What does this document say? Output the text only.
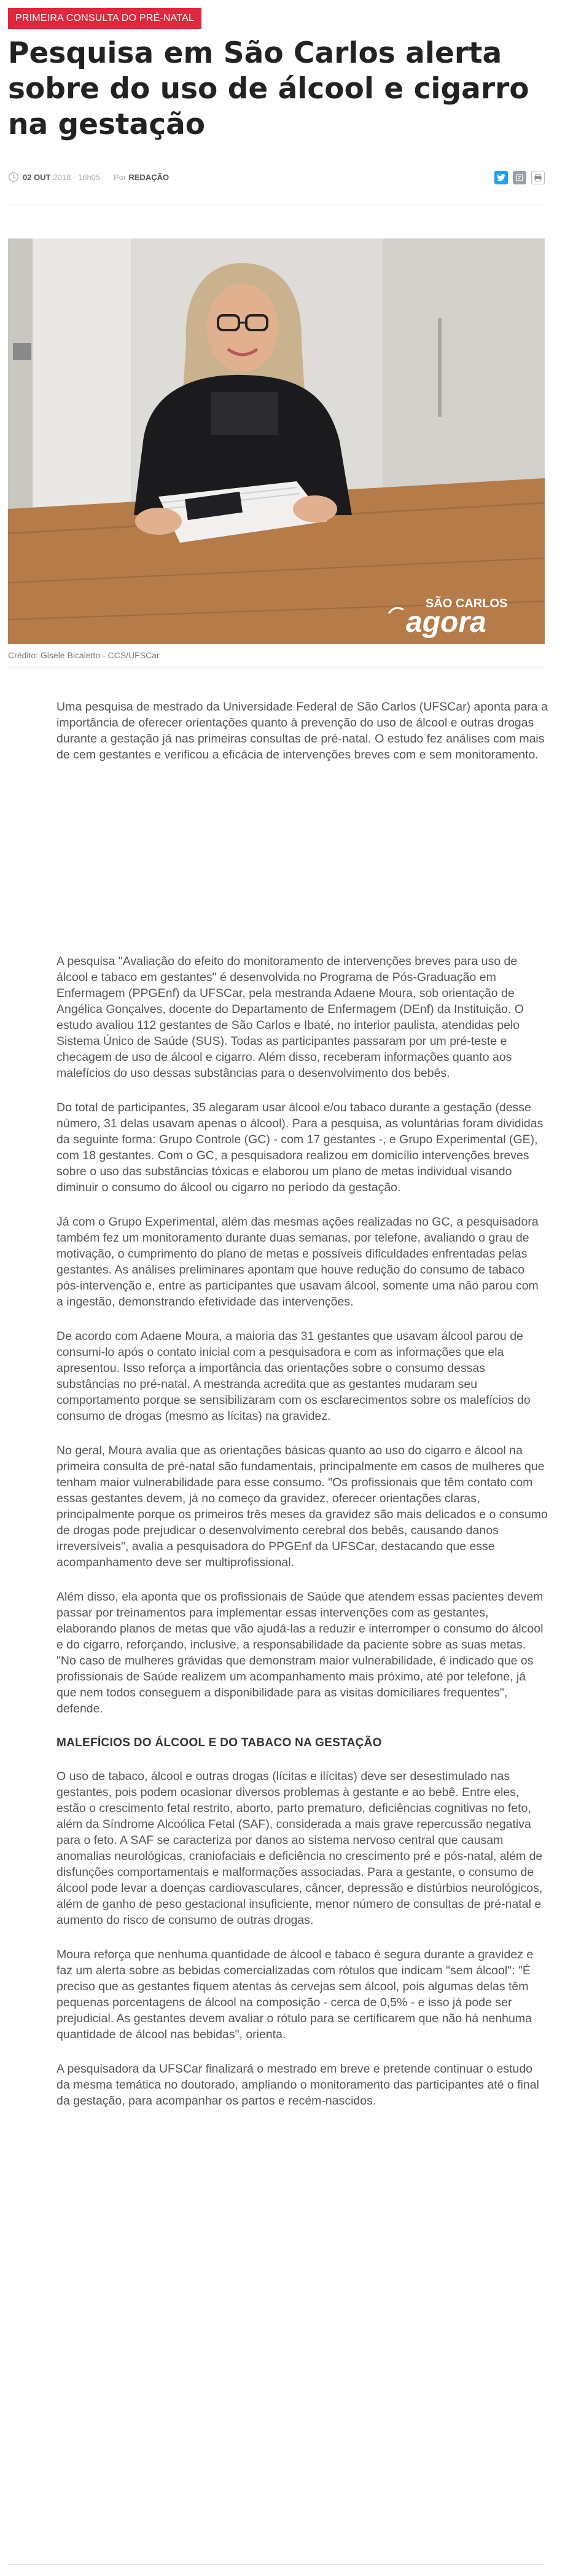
PRIMEIRA CONSULTA DO PRÉ-NATAL
Pesquisa em São Carlos alerta sobre do uso de álcool e cigarro na gestação
02 OUT 2018 - 16h05 Por REDAÇÃO
SÃO CARLOS
agora
Crédito: Gisele Bicaletto - CCS/UFSCar

Uma pesquisa de mestrado da Universidade Federal de São Carlos (UFSCar) aponta para a importância de oferecer orientações quanto à prevenção do uso de álcool e outras drogas durante a gestação já nas primeiras consultas de pré-natal. O estudo fez análises com mais de cem gestantes e verificou a eficácia de intervenções breves com e sem monitoramento.

A pesquisa "Avaliação do efeito do monitoramento de intervenções breves para uso de álcool e tabaco em gestantes" é desenvolvida no Programa de Pós-Graduação em Enfermagem (PPGEnf) da UFSCar, pela mestranda Adaene Moura, sob orientação de Angélica Gonçalves, docente do Departamento de Enfermagem (DEnf) da Instituição. O estudo avaliou 112 gestantes de São Carlos e Ibaté, no interior paulista, atendidas pelo Sistema Único de Saúde (SUS). Todas as participantes passaram por um pré-teste e checagem de uso de álcool e cigarro. Além disso, receberam informações quanto aos malefícios do uso dessas substâncias para o desenvolvimento dos bebês.

Do total de participantes, 35 alegaram usar álcool e/ou tabaco durante a gestação (desse número, 31 delas usavam apenas o álcool). Para a pesquisa, as voluntárias foram divididas da seguinte forma: Grupo Controle (GC) - com 17 gestantes -, e Grupo Experimental (GE), com 18 gestantes. Com o GC, a pesquisadora realizou em domicílio intervenções breves sobre o uso das substâncias tóxicas e elaborou um plano de metas individual visando diminuir o consumo do álcool ou cigarro no período da gestação.

Já com o Grupo Experimental, além das mesmas ações realizadas no GC, a pesquisadora também fez um monitoramento durante duas semanas, por telefone, avaliando o grau de motivação, o cumprimento do plano de metas e possíveis dificuldades enfrentadas pelas gestantes. As análises preliminares apontam que houve redução do consumo de tabaco pós-intervenção e, entre as participantes que usavam álcool, somente uma não parou com a ingestão, demonstrando efetividade das intervenções.

De acordo com Adaene Moura, a maioria das 31 gestantes que usavam álcool parou de consumi-lo após o contato inicial com a pesquisadora e com as informações que ela apresentou. Isso reforça a importância das orientações sobre o consumo dessas substâncias no pré-natal. A mestranda acredita que as gestantes mudaram seu comportamento porque se sensibilizaram com os esclarecimentos sobre os malefícios do consumo de drogas (mesmo as lícitas) na gravidez.

No geral, Moura avalia que as orientações básicas quanto ao uso do cigarro e álcool na primeira consulta de pré-natal são fundamentais, principalmente em casos de mulheres que tenham maior vulnerabilidade para esse consumo. "Os profissionais que têm contato com essas gestantes devem, já no começo da gravidez, oferecer orientações claras, principalmente porque os primeiros três meses da gravidez são mais delicados e o consumo de drogas pode prejudicar o desenvolvimento cerebral dos bebês, causando danos irreversíveis", avalia a pesquisadora do PPGEnf da UFSCar, destacando que esse acompanhamento deve ser multiprofissional.

Além disso, ela aponta que os profissionais de Saúde que atendem essas pacientes devem passar por treinamentos para implementar essas intervenções com as gestantes, elaborando planos de metas que vão ajudá-las a reduzir e interromper o consumo do álcool e do cigarro, reforçando, inclusive, a responsabilidade da paciente sobre as suas metas. "No caso de mulheres grávidas que demonstram maior vulnerabilidade, é indicado que os profissionais de Saúde realizem um acompanhamento mais próximo, até por telefone, já que nem todos conseguem a disponibilidade para as visitas domiciliares frequentes", defende.

MALEFÍCIOS DO ÁLCOOL E DO TABACO NA GESTAÇÃO

O uso de tabaco, álcool e outras drogas (lícitas e ilícitas) deve ser desestimulado nas gestantes, pois podem ocasionar diversos problemas à gestante e ao bebê. Entre eles, estão o crescimento fetal restrito, aborto, parto prematuro, deficiências cognitivas no feto, além da Síndrome Alcoólica Fetal (SAF), considerada a mais grave repercussão negativa para o feto. A SAF se caracteriza por danos ao sistema nervoso central que causam anomalias neurológicas, craniofaciais e deficiência no crescimento pré e pós-natal, além de disfunções comportamentais e malformações associadas. Para a gestante, o consumo de álcool pode levar a doenças cardiovasculares, câncer, depressão e distúrbios neurológicos, além de ganho de peso gestacional insuficiente, menor número de consultas de pré-natal e aumento do risco de consumo de outras drogas.

Moura reforça que nenhuma quantidade de álcool e tabaco é segura durante a gravidez e faz um alerta sobre as bebidas comercializadas com rótulos que indicam "sem álcool": "É preciso que as gestantes fiquem atentas às cervejas sem álcool, pois algumas delas têm pequenas porcentagens de álcool na composição - cerca de 0,5% - e isso já pode ser prejudicial. As gestantes devem avaliar o rótulo para se certificarem que não há nenhuma quantidade de álcool nas bebidas", orienta.

A pesquisadora da UFSCar finalizará o mestrado em breve e pretende continuar o estudo da mesma temática no doutorado, ampliando o monitoramento das participantes até o final da gestação, para acompanhar os partos e recém-nascidos.
